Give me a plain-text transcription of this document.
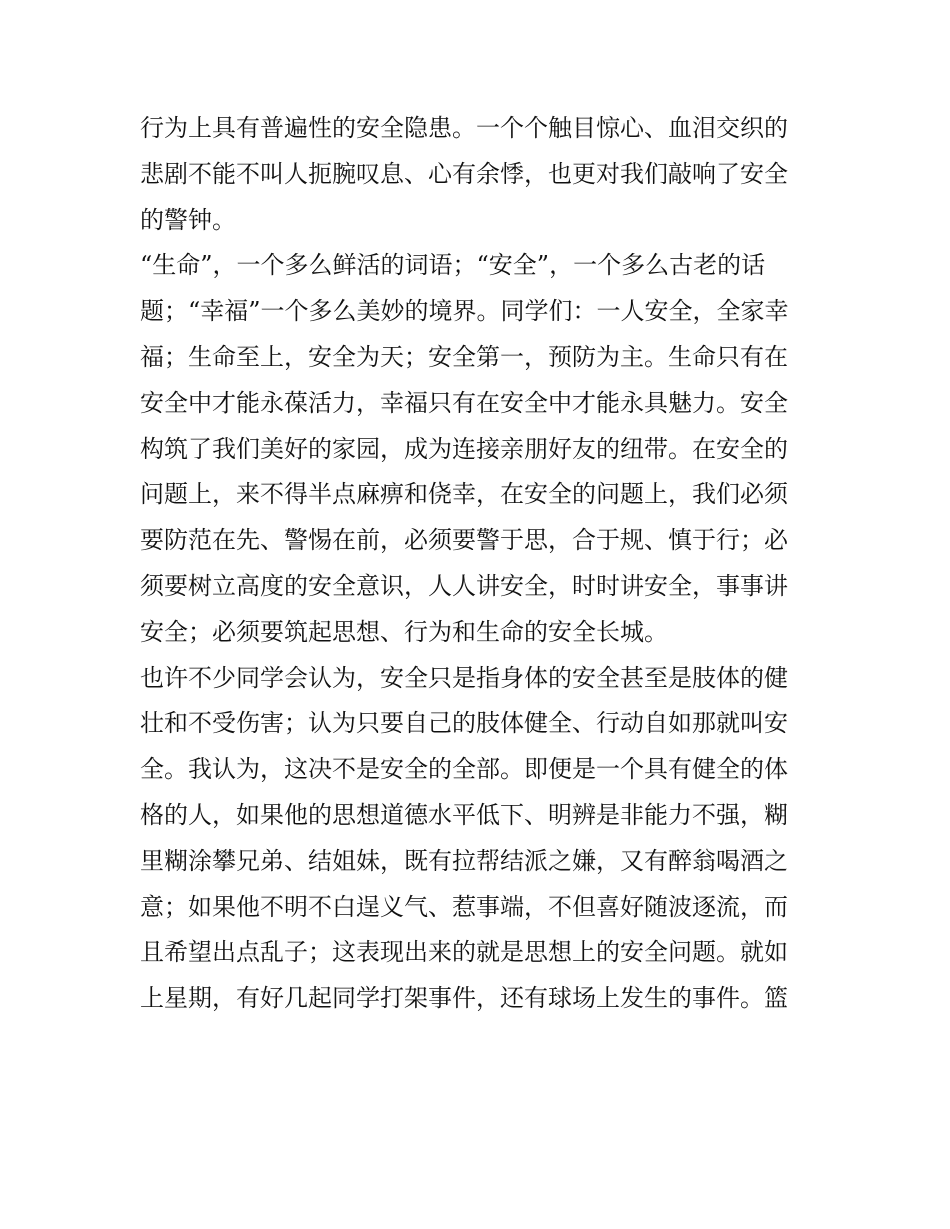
行为上具有普遍性的安全隐患。一个个触目惊心、血泪交织的
悲剧不能不叫人扼腕叹息、心有余悸，也更对我们敲响了安全
的警钟。
“生命”，一个多么鲜活的词语；“安全”，一个多么古老的话
题；“幸福”一个多么美妙的境界。同学们：一人安全，全家幸
福；生命至上，安全为天；安全第一，预防为主。生命只有在
安全中才能永葆活力，幸福只有在安全中才能永具魅力。安全
构筑了我们美好的家园，成为连接亲朋好友的纽带。在安全的
问题上，来不得半点麻痹和侥幸，在安全的问题上，我们必须
要防范在先、警惕在前，必须要警于思，合于规、慎于行；必
须要树立高度的安全意识，人人讲安全，时时讲安全，事事讲
安全；必须要筑起思想、行为和生命的安全长城。
也许不少同学会认为，安全只是指身体的安全甚至是肢体的健
壮和不受伤害；认为只要自己的肢体健全、行动自如那就叫安
全。我认为，这决不是安全的全部。即便是一个具有健全的体
格的人，如果他的思想道德水平低下、明辨是非能力不强，糊
里糊涂攀兄弟、结姐妹，既有拉帮结派之嫌，又有醉翁喝酒之
意；如果他不明不白逞义气、惹事端，不但喜好随波逐流，而
且希望出点乱子；这表现出来的就是思想上的安全问题。就如
上星期，有好几起同学打架事件，还有球场上发生的事件。篮
